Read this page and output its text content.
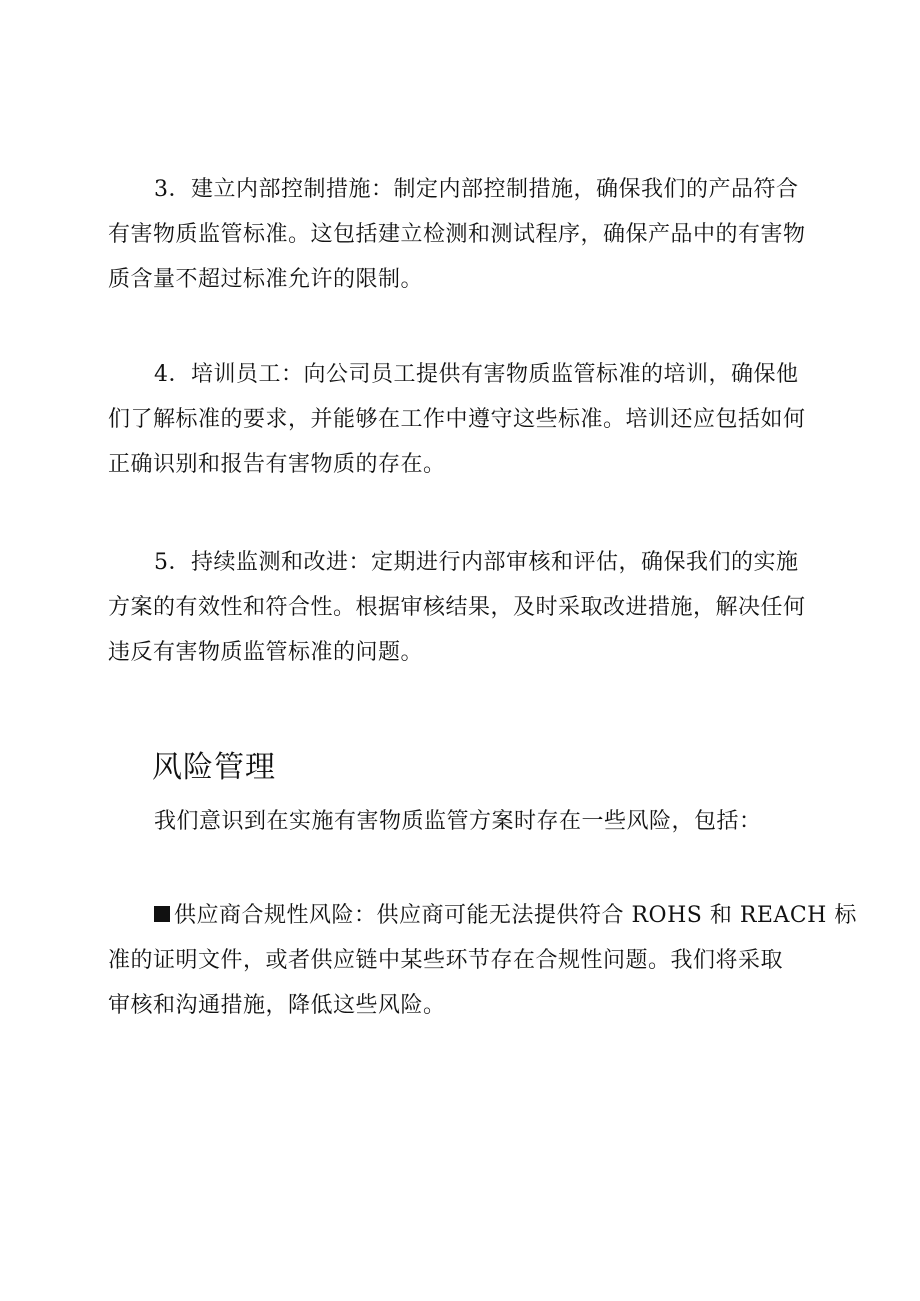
3．建立内部控制措施：制定内部控制措施，确保我们的产品符合
有害物质监管标准。这包括建立检测和测试程序，确保产品中的有害物
质含量不超过标准允许的限制。
4．培训员工：向公司员工提供有害物质监管标准的培训，确保他
们了解标准的要求，并能够在工作中遵守这些标准。培训还应包括如何
正确识别和报告有害物质的存在。
5．持续监测和改进：定期进行内部审核和评估，确保我们的实施
方案的有效性和符合性。根据审核结果，及时采取改进措施，解决任何
违反有害物质监管标准的问题。
风险管理
我们意识到在实施有害物质监管方案时存在一些风险，包括：
供应商合规性风险：供应商可能无法提供符合 ROHS 和 REACH 标
准的证明文件，或者供应链中某些环节存在合规性问题。我们将采取
审核和沟通措施，降低这些风险。
